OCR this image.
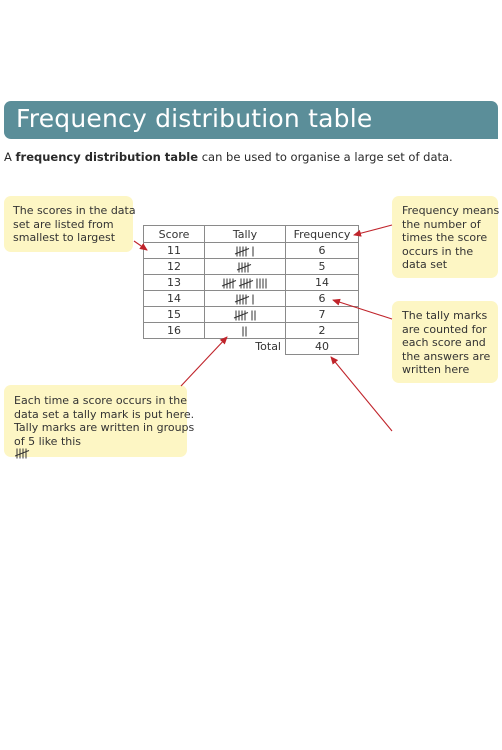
Frequency distribution table
A frequency distribution table can be used to organise a large set of data.
The scores in the data
set are listed from
smallest to largest
Frequency means
the number of
times the score
occurs in the
data set
The tally marks
are counted for
each score and
the answers are
written here
Each time a score occurs in the
data set a tally mark is put here.
Tally marks are written in groups
of 5 like this
Score	Tally	Frequency
11		6
12		5
13		14
14		6
15		7
16		2
	Total	40
